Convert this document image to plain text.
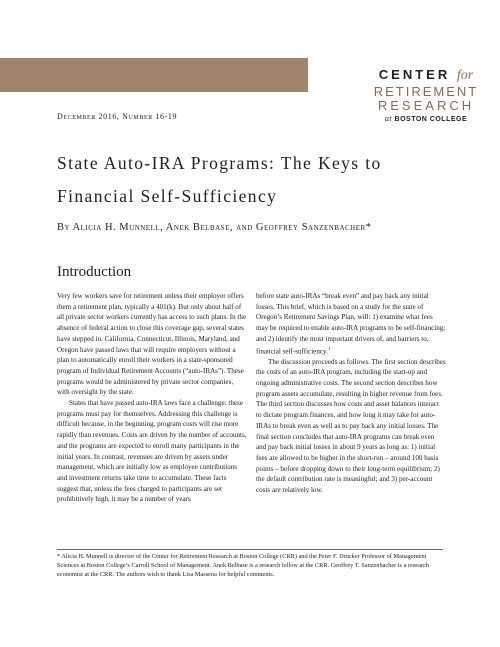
CENTER for
RETIREMENT
RESEARCH
at BOSTON COLLEGE
December 2016, Number 16-19
State Auto-IRA Programs: The Keys to Financial Self-Sufficiency
By Alicia H. Munnell, Anek Belbase, and Geoffrey Sanzenbacher*
Introduction

Very few workers save for retirement unless their employer offers them a retirement plan, typically a 401(k). But only about half of all private sector workers currently has access to such plans. In the absence of federal action to close this coverage gap, several states have stepped in. California, Connecticut, Illinois, Maryland, and Oregon have passed laws that will require employers without a plan to automatically enroll their workers in a state-sponsored program of Individual Retirement Accounts (“auto-IRAs”). These programs would be administered by private sector companies, with oversight by the state.

States that have passed auto-IRA laws face a challenge: these programs must pay for themselves. Addressing this challenge is difficult because, in the beginning, program costs will rise more rapidly than revenues. Costs are driven by the number of accounts, and the programs are expected to enroll many participants in the initial years. In contrast, revenues are driven by assets under management, which are initially low as employee contributions and investment returns take time to accumulate. These facts suggest that, unless the fees charged to participants are set prohibitively high, it may be a number of years

before state auto-IRAs “break even” and pay back any initial losses. This brief, which is based on a study for the state of Oregon’s Retirement Savings Plan, will: 1) examine what fees may be required to enable auto-IRA programs to be self-financing; and 2) identify the most important drivers of, and barriers to, financial self-sufficiency.$^1$

The discussion proceeds as follows. The first section describes the costs of an auto-IRA program, including the start-up and ongoing administrative costs. The second section describes how program assets accumulate, resulting in higher revenue from fees. The third section discusses how costs and asset balances interact to dictate program finances, and how long it may take for auto-IRAs to break even as well as to pay back any initial losses. The final section concludes that auto-IRA programs can break even and pay back initial losses in about 9 years as long as: 1) initial fees are allowed to be higher in the short-run – around 100 basis points – before dropping down to their long-term equilibrium; 2) the default contribution rate is meaningful; and 3) per-account costs are relatively low.

* Alicia H. Munnell is director of the Center for Retirement Research at Boston College (CRR) and the Peter F. Drucker Professor of Management Sciences at Boston College’s Carroll School of Management. Anek Belbase is a research fellow at the CRR. Geoffrey T. Sanzenbacher is a research economist at the CRR. The authors wish to thank Lisa Massena for helpful comments.
